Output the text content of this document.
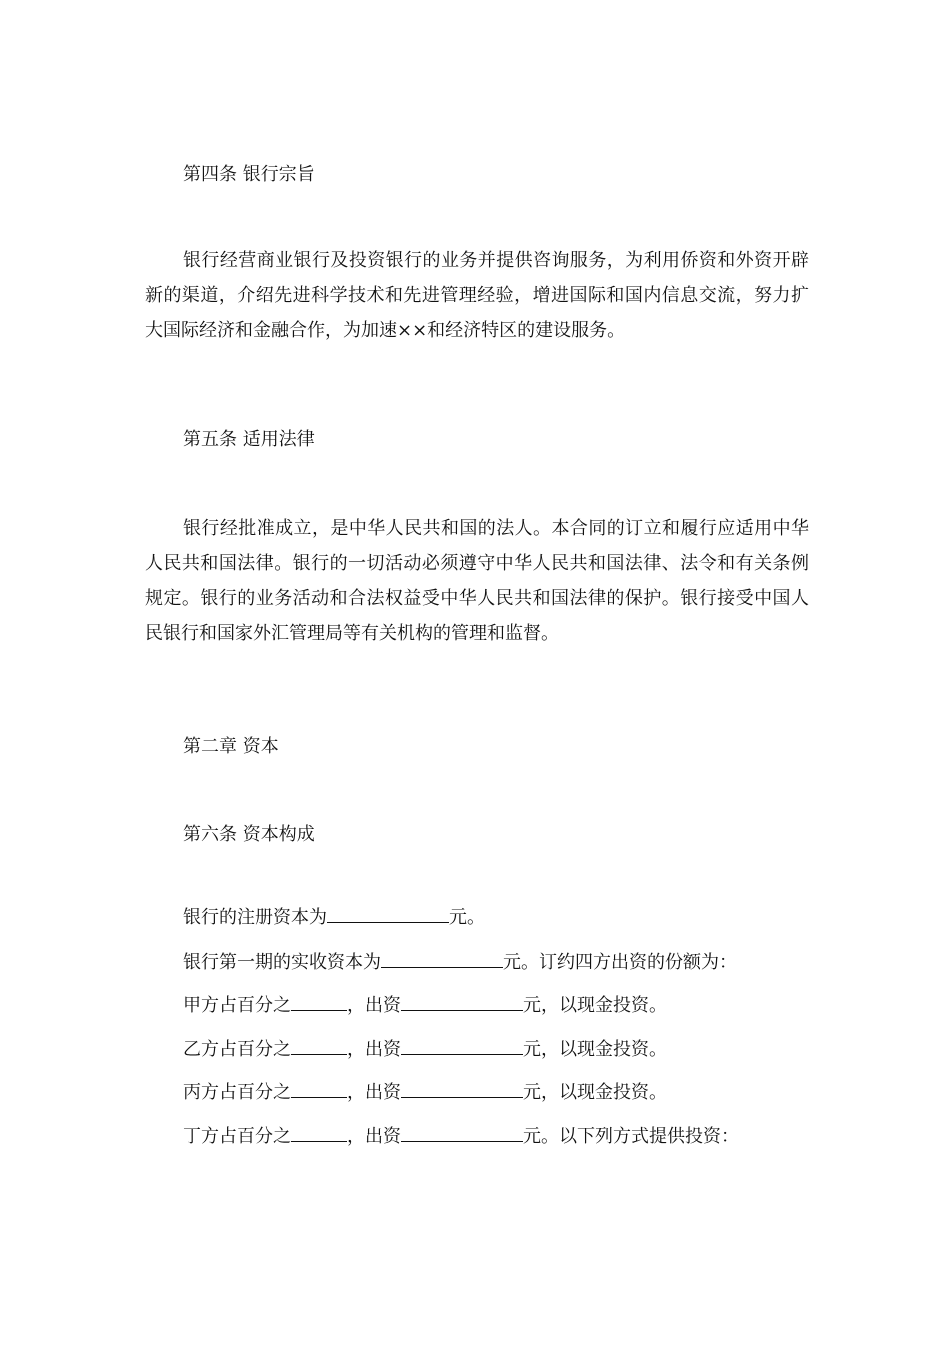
第四条 银行宗旨
银行经营商业银行及投资银行的业务并提供咨询服务，为利用侨资和外资开辟新的渠道，介绍先进科学技术和先进管理经验，增进国际和国内信息交流，努力扩大国际经济和金融合作，为加速××和经济特区的建设服务。
第五条 适用法律
银行经批准成立，是中华人民共和国的法人。本合同的订立和履行应适用中华人民共和国法律。银行的一切活动必须遵守中华人民共和国法律、法令和有关条例规定。银行的业务活动和合法权益受中华人民共和国法律的保护。银行接受中国人民银行和国家外汇管理局等有关机构的管理和监督。
第二章 资本
第六条 资本构成
银行的注册资本为	元。
银行第一期的实收资本为	元。订约四方出资的份额为：
甲方占百分之	，出资	元，以现金投资。
乙方占百分之	，出资	元，以现金投资。
丙方占百分之	，出资	元，以现金投资。
丁方占百分之	，出资	元。以下列方式提供投资：
